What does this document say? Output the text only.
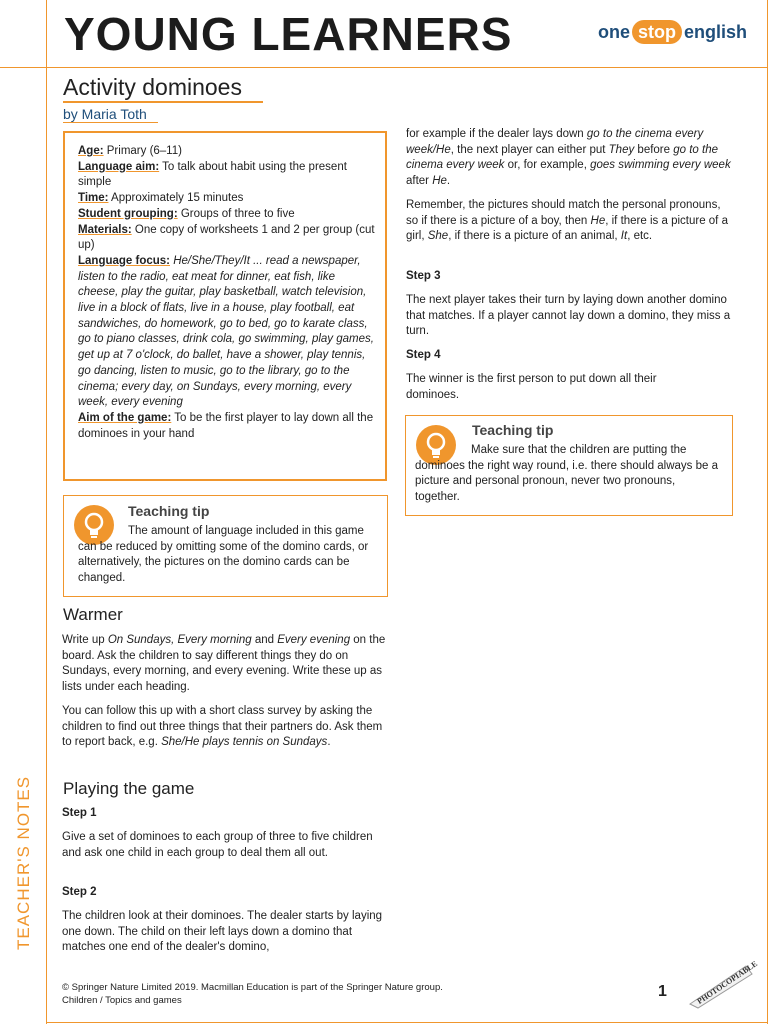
YOUNG LEARNERS	one stop english
TEACHER'S NOTES
Activity dominoes
by Maria Toth
Age: Primary (6–11)
Language aim: To talk about habit using the present simple
Time: Approximately 15 minutes
Student grouping: Groups of three to five
Materials: One copy of worksheets 1 and 2 per group (cut up)
Language focus: He/She/They/It ... read a newspaper, listen to the radio, eat meat for dinner, eat fish, like cheese, play the guitar, play basketball, watch television, live in a block of flats, live in a house, play football, eat sandwiches, do homework, go to bed, go to karate class, go to piano classes, drink cola, go swimming, play games, get up at 7 o'clock, do ballet, have a shower, play tennis, go dancing, listen to music, go to the library, go to the cinema; every day, on Sundays, every morning, every week, every evening
Aim of the game: To be the first player to lay down all the dominoes in your hand
Teaching tip
The amount of language included in this game can be reduced by omitting some of the domino cards, or alternatively, the pictures on the domino cards can be changed.
Warmer
Write up On Sundays, Every morning and Every evening on the board. Ask the children to say different things they do on Sundays, every morning, and every evening. Write these up as lists under each heading.
You can follow this up with a short class survey by asking the children to find out three things that their partners do. Ask them to report back, e.g. She/He plays tennis on Sundays.
Playing the game
Step 1
Give a set of dominoes to each group of three to five children and ask one child in each group to deal them all out.
Step 2
The children look at their dominoes. The dealer starts by laying one down. The child on their left lays down a domino that matches one end of the dealer's domino,
for example if the dealer lays down go to the cinema every week/He, the next player can either put They before go to the cinema every week or, for example, goes swimming every week after He.
Remember, the pictures should match the personal pronouns, so if there is a picture of a boy, then He, if there is a picture of a girl, She, if there is a picture of an animal, It, etc.
Step 3
The next player takes their turn by laying down another domino that matches. If a player cannot lay down a domino, they miss a turn.
Step 4
The winner is the first person to put down all their dominoes.
Teaching tip
Make sure that the children are putting the dominoes the right way round, i.e. there should always be a picture and personal pronoun, never two pronouns, together.
© Springer Nature Limited 2019. Macmillan Education is part of the Springer Nature group.
Children / Topics and games
1	PHOTOCOPIABLE
